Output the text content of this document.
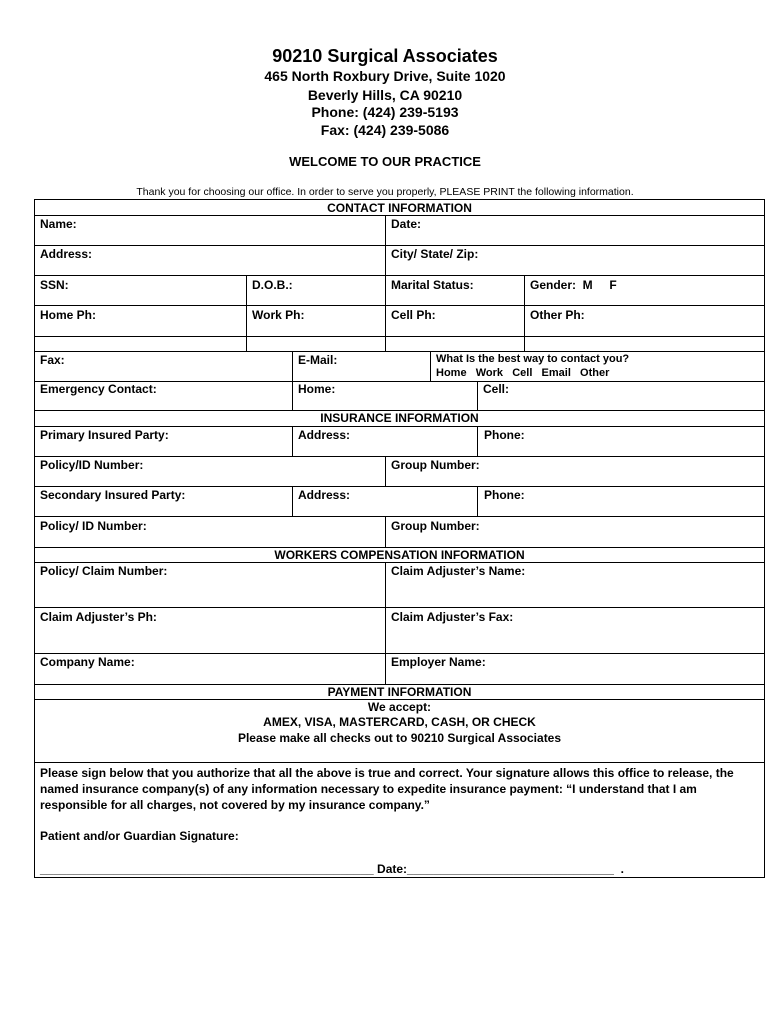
90210 Surgical Associates
465 North Roxbury Drive, Suite 1020
Beverly Hills, CA 90210
Phone: (424) 239-5193
Fax: (424) 239-5086
WELCOME TO OUR PRACTICE
Thank you for choosing our office. In order to serve you properly, PLEASE PRINT the following information.
CONTACT INFORMATION
Name:	Date:
Address:	City/ State/ Zip:
SSN:	D.O.B.:	Marital Status:	Gender:  M     F
Home Ph:	Work Ph:	Cell Ph:	Other Ph:
Fax:	E-Mail:	What Is the best way to contact you?
Home   Work   Cell   Email   Other
Emergency Contact:	Home:	Cell:
INSURANCE INFORMATION
Primary Insured Party:	Address:	Phone:
Policy/ID Number:	Group Number:
Secondary Insured Party:	Address:	Phone:
Policy/ ID Number:	Group Number:
WORKERS COMPENSATION INFORMATION
Policy/ Claim Number:	Claim Adjuster’s Name:
Claim Adjuster’s Ph:	Claim Adjuster’s Fax:
Company Name:	Employer Name:
PAYMENT INFORMATION
We accept:
AMEX, VISA, MASTERCARD, CASH, OR CHECK
Please make all checks out to 90210 Surgical Associates
Please sign below that you authorize that all the above is true and correct. Your signature allows this office to release, the named insurance company(s) of any information necessary to expedite insurance payment: “I understand that I am responsible for all charges, not covered by my insurance company.”
Patient and/or Guardian Signature:
__________________________________________________ Date:_______________________________  .
